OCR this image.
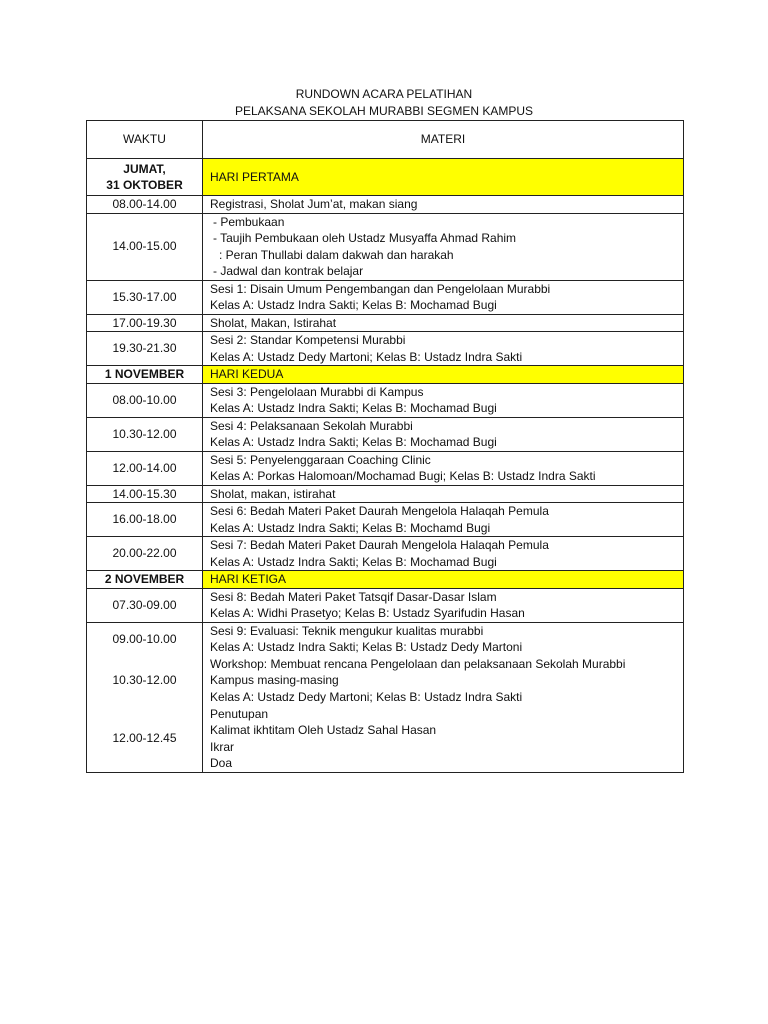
RUNDOWN ACARA PELATIHAN
PELAKSANA SEKOLAH MURABBI SEGMEN KAMPUS
WAKTU	MATERI

JUMAT,
31 OKTOBER	HARI PERTAMA

08.00-14.00	Registrasi, Sholat Jum’at, makan siang

14.00-15.00	- Pembukaan
- Taujih Pembukaan oleh Ustadz Musyaffa Ahmad Rahim
: Peran Thullabi dalam dakwah dan harakah
- Jadwal dan kontrak belajar

15.30-17.00	Sesi 1: Disain Umum Pengembangan dan Pengelolaan Murabbi
Kelas A: Ustadz Indra Sakti; Kelas B: Mochamad Bugi

17.00-19.30	Sholat, Makan, Istirahat

19.30-21.30	Sesi 2: Standar Kompetensi Murabbi
Kelas A: Ustadz Dedy Martoni; Kelas B: Ustadz Indra Sakti

1 NOVEMBER	HARI KEDUA

08.00-10.00	Sesi 3: Pengelolaan Murabbi di Kampus
Kelas A: Ustadz Indra Sakti; Kelas B: Mochamad Bugi

10.30-12.00	Sesi 4: Pelaksanaan Sekolah Murabbi
Kelas A: Ustadz Indra Sakti; Kelas B: Mochamad Bugi

12.00-14.00	Sesi 5: Penyelenggaraan Coaching Clinic
Kelas A: Porkas Halomoan/Mochamad Bugi; Kelas B: Ustadz Indra Sakti

14.00-15.30	Sholat, makan, istirahat

16.00-18.00	Sesi 6: Bedah Materi Paket Daurah Mengelola Halaqah Pemula
Kelas A: Ustadz Indra Sakti; Kelas B: Mochamd Bugi

20.00-22.00	Sesi 7: Bedah Materi Paket Daurah Mengelola Halaqah Pemula
Kelas A: Ustadz Indra Sakti; Kelas B: Mochamad Bugi

2 NOVEMBER	HARI KETIGA

07.30-09.00	Sesi 8: Bedah Materi Paket Tatsqif Dasar-Dasar Islam
Kelas A: Widhi Prasetyo; Kelas B: Ustadz Syarifudin Hasan

09.00-10.00	Sesi 9: Evaluasi: Teknik mengukur kualitas murabbi
Kelas A: Ustadz Indra Sakti; Kelas B: Ustadz Dedy Martoni

10.30-12.00	Workshop: Membuat rencana Pengelolaan dan pelaksanaan Sekolah Murabbi
Kampus masing-masing
Kelas A: Ustadz Dedy Martoni; Kelas B: Ustadz Indra Sakti

12.00-12.45	Penutupan
Kalimat ikhtitam Oleh Ustadz Sahal Hasan
Ikrar
Doa
